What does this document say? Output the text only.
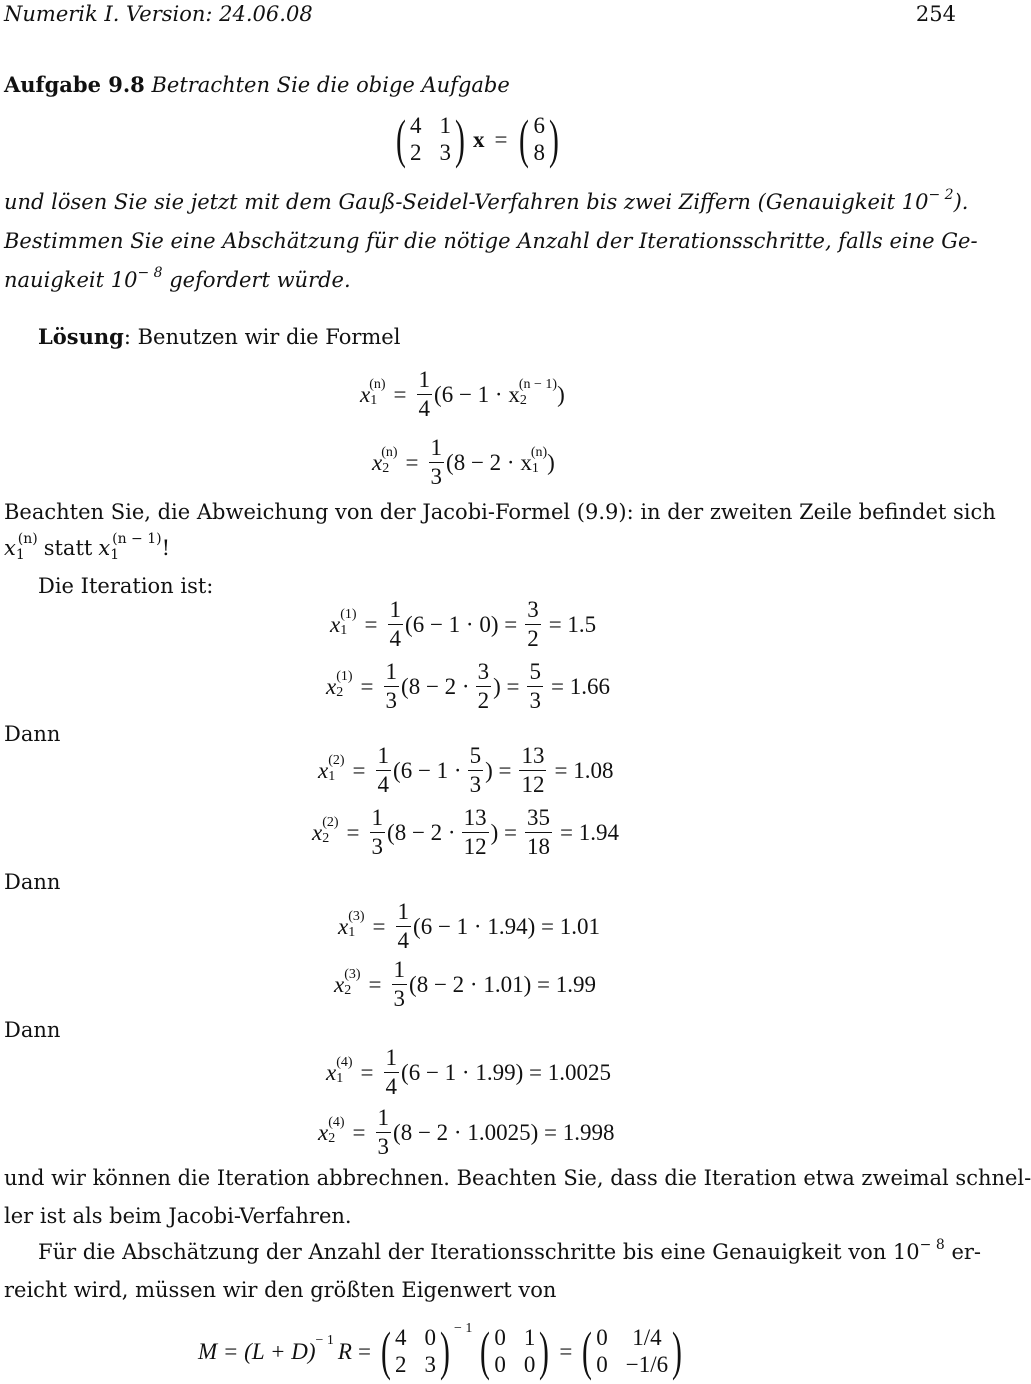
Numerik I. Version: 24.06.08	254
Aufgabe 9.8 Betrachten Sie die obige Aufgabe
( 4 1
2 3 ) x = ( 6
8 )
und lösen Sie sie jetzt mit dem Gauß-Seidel-Verfahren bis zwei Ziffern (Genauigkeit $10^{- 2}$).
Bestimmen Sie eine Abschätzung für die nötige Anzahl der Iterationsschritte, falls eine Ge-
nauigkeit $10^{- 8}$ gefordert würde.
Lösung: Benutzen wir die Formel
x 1
$(n) = \frac{1}{4} (6 - 1 \cdot x$ 2
(n − 1) )
x 2
$(n) = \frac{1}{3} (8 - 2 \cdot x$ 1
(n) )
Beachten Sie, die Abweichung von der Jacobi-Formel (9.9): in der zweiten Zeile befindet sich
x 1
(n) statt x 1
(n − 1) !
Die Iteration ist:
x 1
$(1) = \frac{1}{4} (6 - 1 \cdot 0) = \frac{3}{2} = 1.5$
x 2
$(1) = \frac{1}{3} (8 - 2 \cdot \frac{3}{2}$ ) = $\frac{5}{3} = 1.66$
Dann
x 1
$(2) = \frac{1}{4} (6 - 1 \cdot \frac{5}{3}$ ) = $\frac{13}{12} = 1.08$
x 2
$(2) = \frac{1}{3} (8 - 2 \cdot \frac{13}{12}$ ) = $\frac{35}{18} = 1.94$
Dann
x 1
$(3) = \frac{1}{4} (6 - 1 \cdot 1.94) = 1.01$
x 2
$(3) = \frac{1}{3} (8 - 2 \cdot 1.01) = 1.99$
Dann
x 1
$(4) = \frac{1}{4} (6 - 1 \cdot 1.99) = 1.0025$
x 2
$(4) = \frac{1}{3} (8 - 2 \cdot 1.0025) = 1.998$
und wir können die Iteration abbrechnen. Beachten Sie, dass die Iteration etwa zweimal schnel-
ler ist als beim Jacobi-Verfahren.
Für die Abschätzung der Anzahl der Iterationsschritte bis eine Genauigkeit von $10^{- 8}$ er-
reicht wird, müssen wir den größten Eigenwert von
M = (L + D) − 1 R = ( 4 0
2 3 ) − 1 ( 0 1
0 0 ) = ( 0 1/4
0 −1/6 )
